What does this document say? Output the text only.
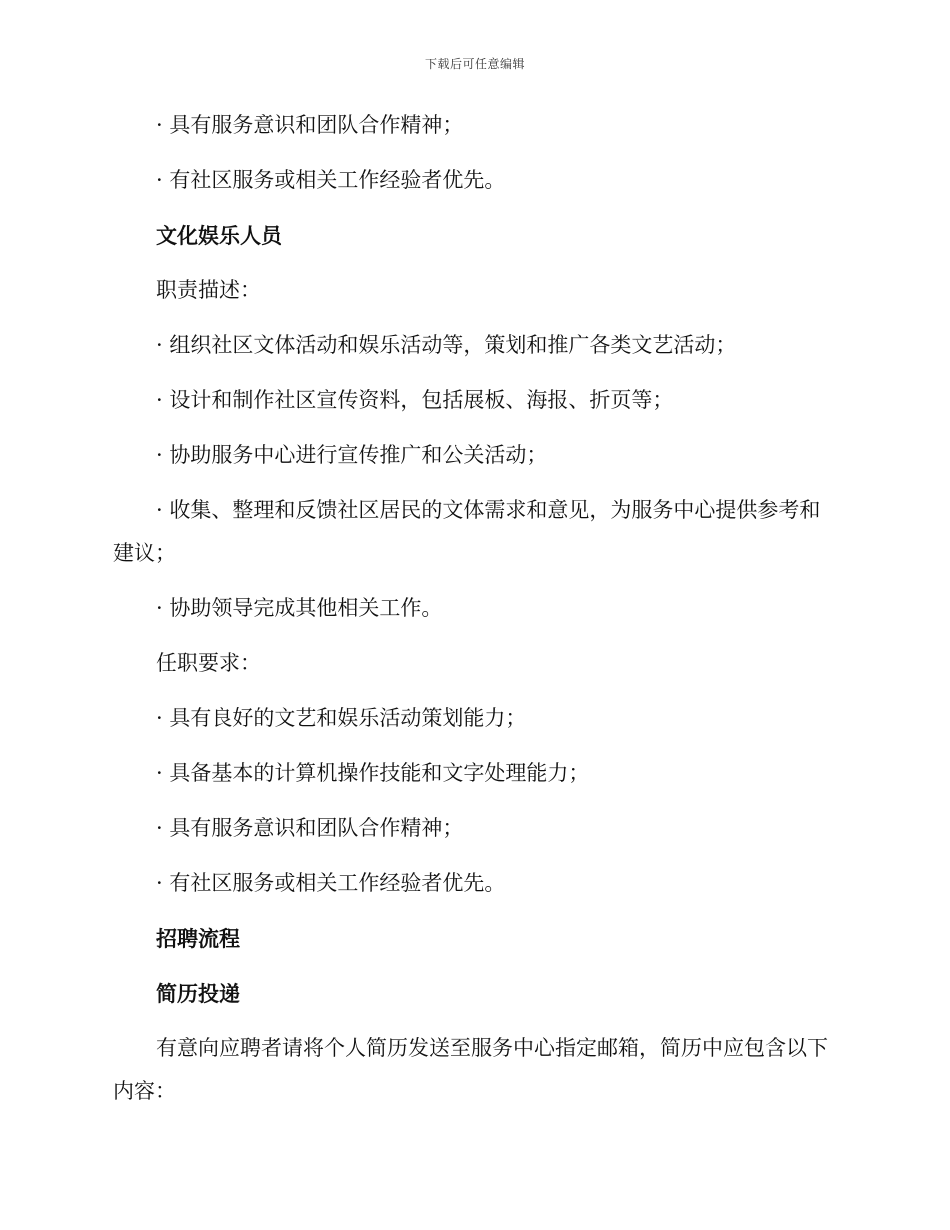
下载后可任意编辑

· 具有服务意识和团队合作精神；

· 有社区服务或相关工作经验者优先。

文化娱乐人员

职责描述：

· 组织社区文体活动和娱乐活动等，策划和推广各类文艺活动；

· 设计和制作社区宣传资料，包括展板、海报、折页等；

· 协助服务中心进行宣传推广和公关活动；

· 收集、整理和反馈社区居民的文体需求和意见，为服务中心提供参考和建议；

· 协助领导完成其他相关工作。

任职要求：

· 具有良好的文艺和娱乐活动策划能力；

· 具备基本的计算机操作技能和文字处理能力；

· 具有服务意识和团队合作精神；

· 有社区服务或相关工作经验者优先。

招聘流程

简历投递

有意向应聘者请将个人简历发送至服务中心指定邮箱，简历中应包含以下内容：
